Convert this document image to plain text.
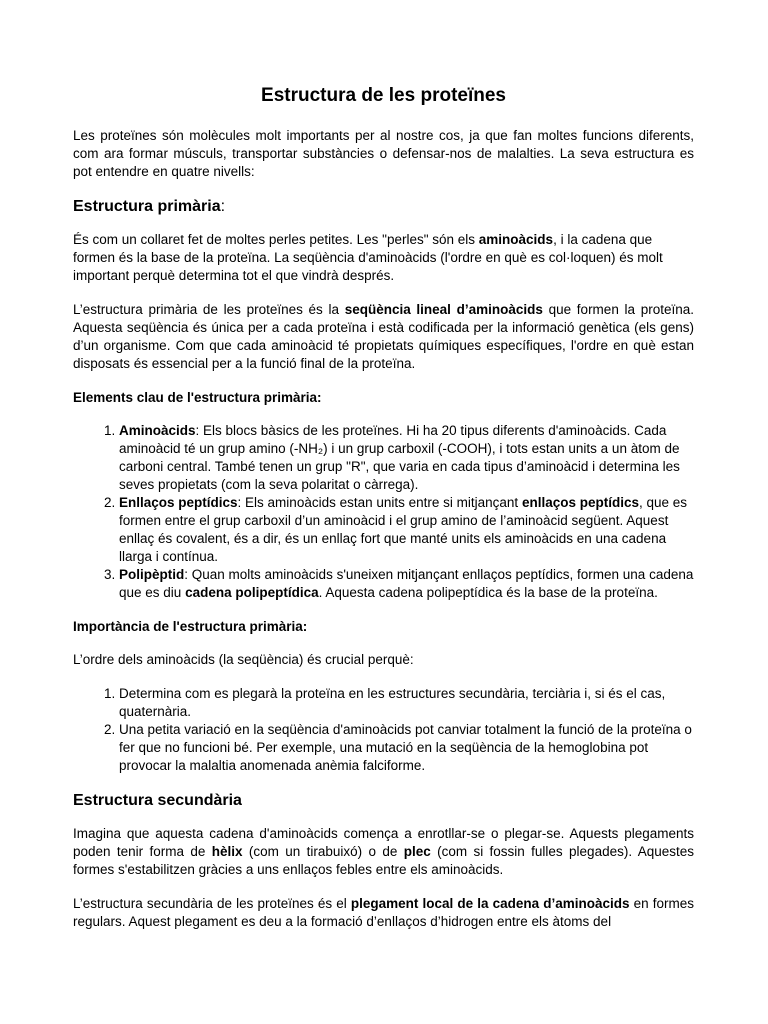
Estructura de les proteïnes

Les proteïnes són molècules molt importants per al nostre cos, ja que fan moltes funcions diferents, com ara formar músculs, transportar substàncies o defensar-nos de malalties. La seva estructura es pot entendre en quatre nivells:

Estructura primària:

És com un collaret fet de moltes perles petites. Les "perles" són els aminoàcids, i la cadena que formen és la base de la proteïna. La seqüència d'aminoàcids (l'ordre en què es col·loquen) és molt important perquè determina tot el que vindrà després.

L’estructura primària de les proteïnes és la seqüència lineal d’aminoàcids que formen la proteïna. Aquesta seqüència és única per a cada proteïna i està codificada per la informació genètica (els gens) d’un organisme. Com que cada aminoàcid té propietats químiques específiques, l'ordre en què estan disposats és essencial per a la funció final de la proteïna.

Elements clau de l'estructura primària:
1. Aminoàcids: Els blocs bàsics de les proteïnes. Hi ha 20 tipus diferents d'aminoàcids. Cada aminoàcid té un grup amino (-NH₂) i un grup carboxil (-COOH), i tots estan units a un àtom de carboni central. També tenen un grup "R", que varia en cada tipus d’aminoàcid i determina les seves propietats (com la seva polaritat o càrrega).
2. Enllaços peptídics: Els aminoàcids estan units entre si mitjançant enllaços peptídics, que es formen entre el grup carboxil d’un aminoàcid i el grup amino de l’aminoàcid següent. Aquest enllaç és covalent, és a dir, és un enllaç fort que manté units els aminoàcids en una cadena llarga i contínua.
3. Polipèptid: Quan molts aminoàcids s'uneixen mitjançant enllaços peptídics, formen una cadena que es diu cadena polipeptídica. Aquesta cadena polipeptídica és la base de la proteïna.
Importància de l'estructura primària:

L’ordre dels aminoàcids (la seqüència) és crucial perquè:

1. Determina com es plegarà la proteïna en les estructures secundària, terciària i, si és el cas, quaternària.
2. Una petita variació en la seqüència d'aminoàcids pot canviar totalment la funció de la proteïna o fer que no funcioni bé. Per exemple, una mutació en la seqüència de la hemoglobina pot provocar la malaltia anomenada anèmia falciforme.
Estructura secundària

Imagina que aquesta cadena d'aminoàcids comença a enrotllar-se o plegar-se. Aquests plegaments poden tenir forma de hèlix (com un tirabuixó) o de plec (com si fossin fulles plegades). Aquestes formes s'estabilitzen gràcies a uns enllaços febles entre els aminoàcids.

L’estructura secundària de les proteïnes és el plegament local de la cadena d’aminoàcids en formes regulars. Aquest plegament es deu a la formació d’enllaços d’hidrogen entre els àtoms del
